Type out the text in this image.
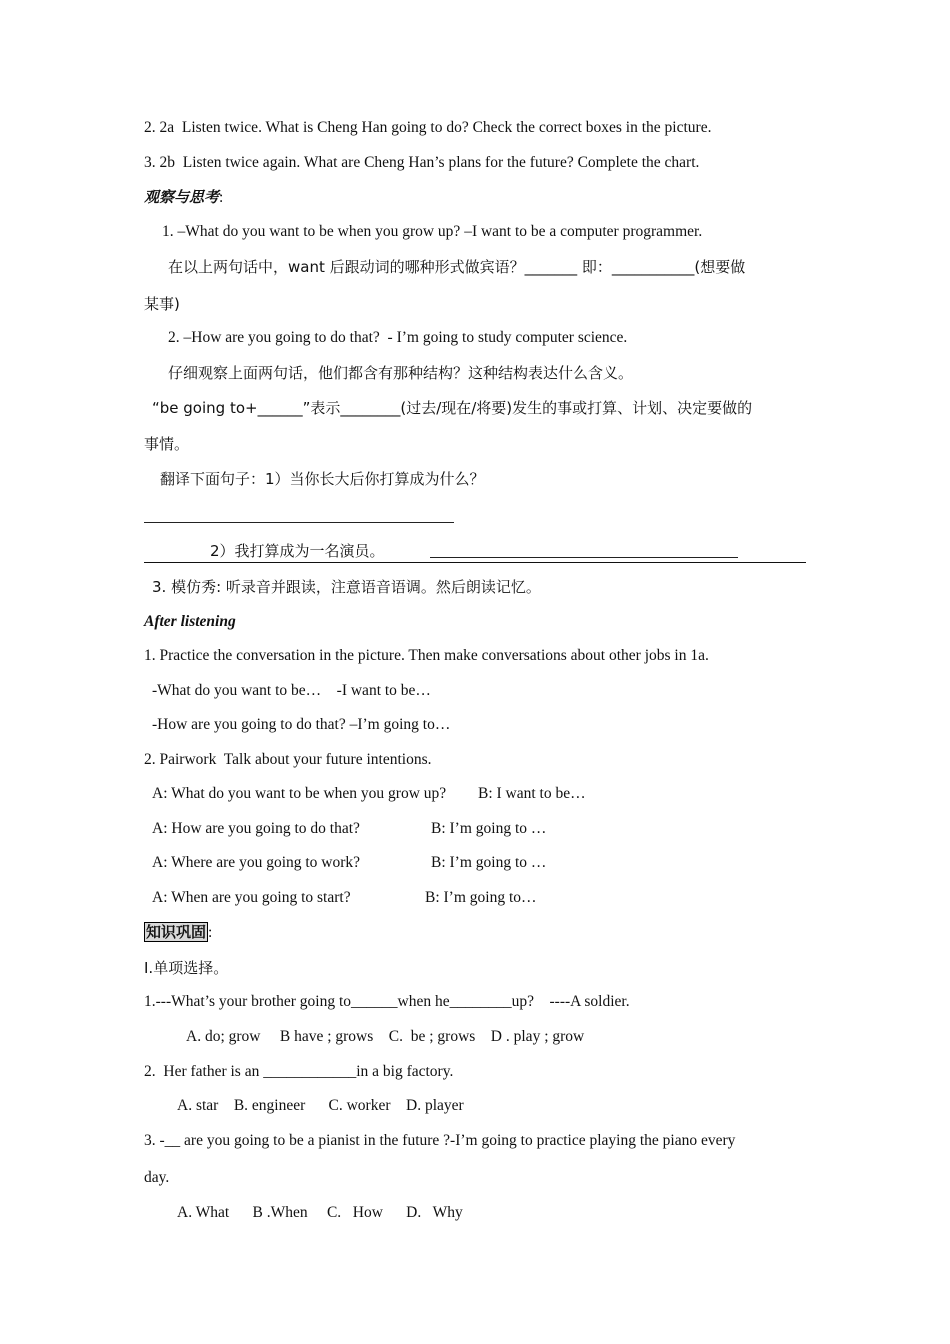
2. 2a  Listen twice. What is Cheng Han going to do? Check the correct boxes in the picture.
3. 2b  Listen twice again. What are Cheng Han’s plans for the future? Complete the chart.
观察与思考:
1. –What do you want to be when you grow up? –I want to be a computer programmer.
在以上两句话中，want 后跟动词的哪种形式做宾语？_______ 即：___________(想要做
某事)
2. –How are you going to do that?  - I’m going to study computer science.
仔细观察上面两句话，他们都含有那种结构？这种结构表达什么含义。
“be going to+______”表示________(过去/现在/将要)发生的事或打算、计划、决定要做的
事情。
翻译下面句子：1）当你长大后你打算成为什么？
2）我打算成为一名演员。
3. 模仿秀: 听录音并跟读，注意语音语调。然后朗读记忆。
After listening
1. Practice the conversation in the picture. Then make conversations about other jobs in 1a.
-What do you want to be…    -I want to be…
-How are you going to do that? –I’m going to…
2. Pairwork  Talk about your future intentions.
A: What do you want to be when you grow up? B: I want to be…
A: How are you going to do that?	B: I’m going to …
A: Where are you going to work?	B: I’m going to …
A: When are you going to start?	B: I’m going to…
知识巩固 :
I.单项选择。
1.---What’s your brother going to______when he________up?    ----A soldier.
A. do; grow     B have ; grows    C.  be ; grows    D . play ; grow
2.  Her father is an ____________in a big factory.
A. star    B. engineer      C. worker    D. player
3. -__ are you going to be a pianist in the future ?-I’m going to practice playing the piano every
day.
A. What      B .When     C.   How      D.   Why
